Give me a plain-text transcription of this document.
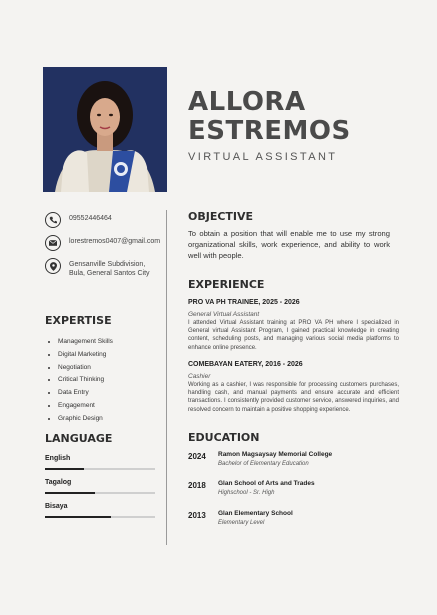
ALLORA
ESTREMOS
VIRTUAL ASSISTANT
09552446464
lorestremos0407@gmail.com
Gensanville Subdivision,
Bula, General Santos City
EXPERTISE
• Management Skills
• Digital Marketing
• Negotiation
• Critical Thinking
• Data Entry
• Engagement
• Graphic Design
LANGUAGE
English
Tagalog
Bisaya
OBJECTIVE
To obtain a position that will enable me to use my strong organizational skills, work experience, and ability to work well with people.
EXPERIENCE
PRO VA PH TRAINEE, 2025 - 2026
General Virtual Assistant
I attended Virtual Assistant training at PRO VA PH where I specialized in General virtual Assistant Program, I gained practical knowledge in creating content, scheduling posts, and managing various social media platforms to enhance online presence.
COMEBAYAN EATERY, 2016 - 2026
Cashier
Working as a cashier, I was responsible for processing customers purchases, handling cash, and manual payments and ensure accurate and efficient transactions. I consistently provided customer service, answered inquiries, and resolved concern to maintain a positive shopping experience.
EDUCATION
2024	Ramon Magsaysay Memorial College
Bachelor of Elementary Education
2018	Glan School of Arts and Trades
Highschool - Sr. High
2013	Glan Elementary School
Elementary Level
